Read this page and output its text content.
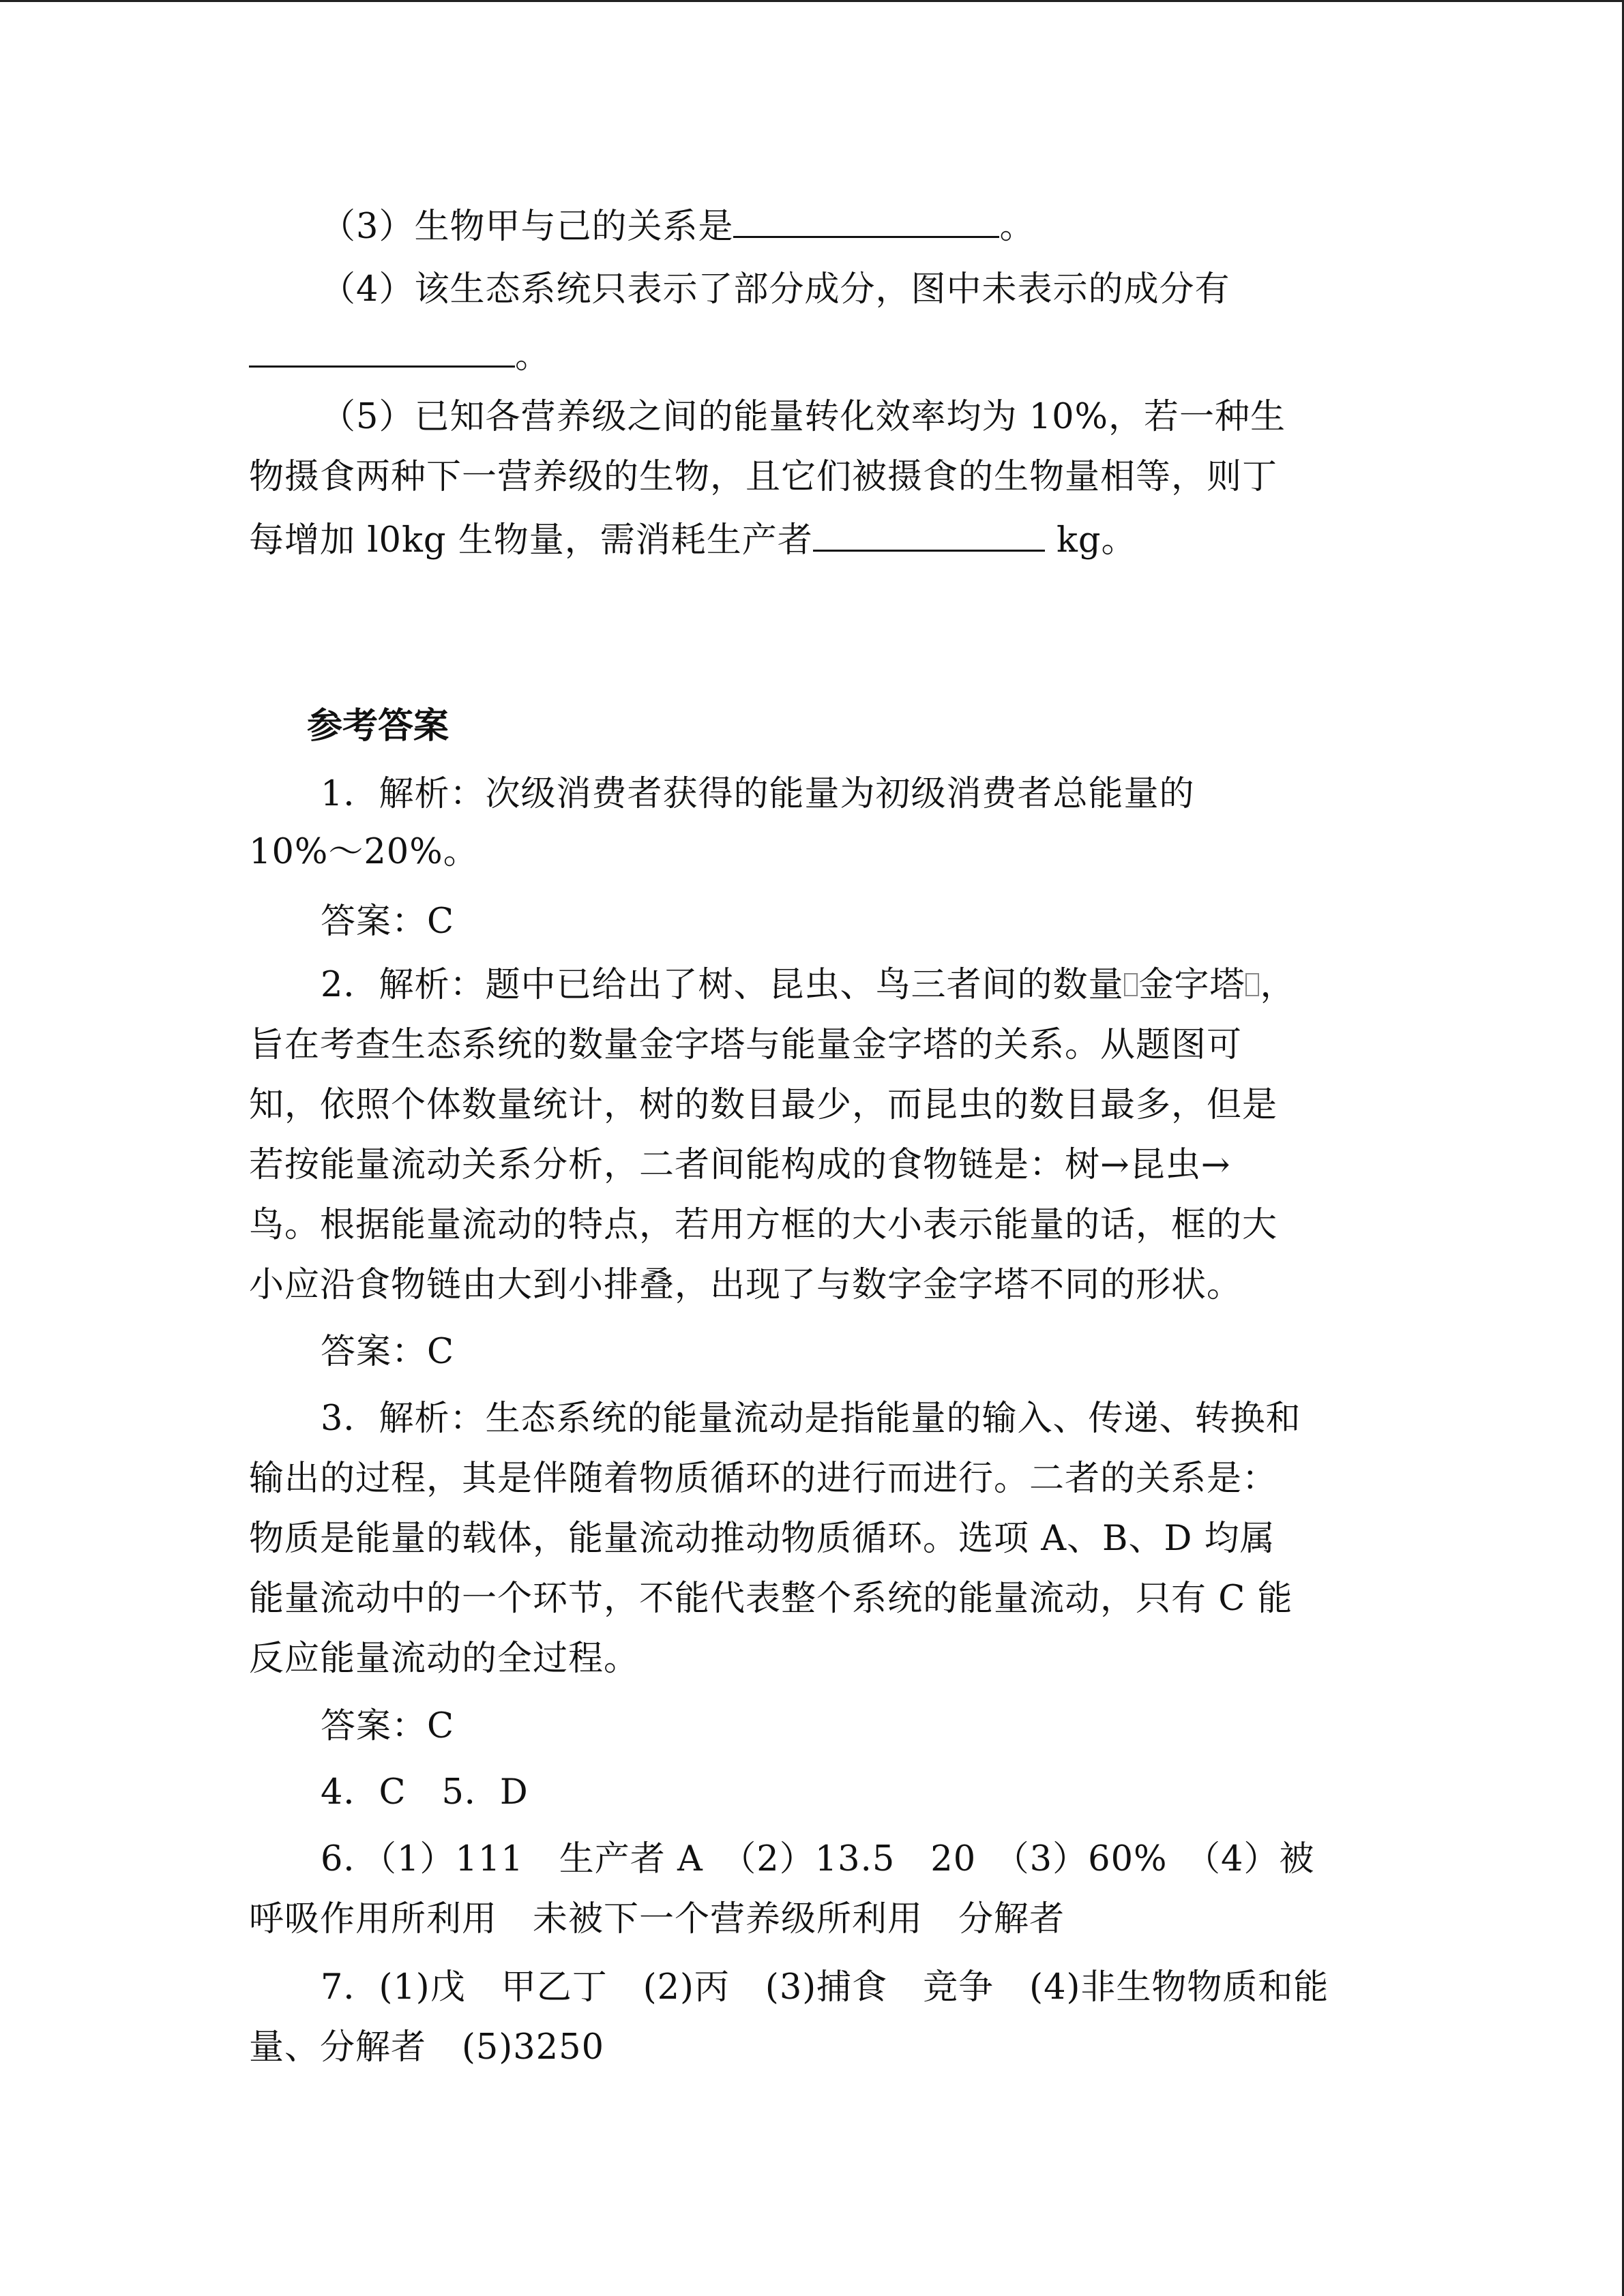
（3）生物甲与己的关系是	。
（4）该生态系统只表示了部分成分，图中未表示的成分有
。
（5）已知各营养级之间的能量转化效率均为 10%，若一种生
物摄食两种下一营养级的生物，且它们被摄食的生物量相等，则丁
每增加 l0kg 生物量，需消耗生产者	kg。
参考答案
1．解析：次级消费者获得的能量为初级消费者总能量的
10%～20%。
答案：C
2．解析：题中已给出了树、昆虫、鸟三者间的数量 金字塔 ，
旨在考查生态系统的数量金字塔与能量金字塔的关系。从题图可
知，依照个体数量统计，树的数目最少，而昆虫的数目最多，但是
若按能量流动关系分析，二者间能构成的食物链是：树→昆虫→
鸟。根据能量流动的特点，若用方框的大小表示能量的话，框的大
小应沿食物链由大到小排叠，出现了与数字金字塔不同的形状。
答案：C
3．解析：生态系统的能量流动是指能量的输入、传递、转换和
输出的过程，其是伴随着物质循环的进行而进行。二者的关系是：
物质是能量的载体，能量流动推动物质循环。选项 A、B、D 均属
能量流动中的一个环节，不能代表整个系统的能量流动，只有 C 能
反应能量流动的全过程。
答案：C
4．C　5．D
6．（1）111　生产者 A　（2）13.5　20　（3）60%　（4）被
呼吸作用所利用　未被下一个营养级所利用　分解者
7．(1)戊　甲乙丁　(2)丙　(3)捕食　竞争　(4)非生物物质和能
量、分解者　(5)3250
